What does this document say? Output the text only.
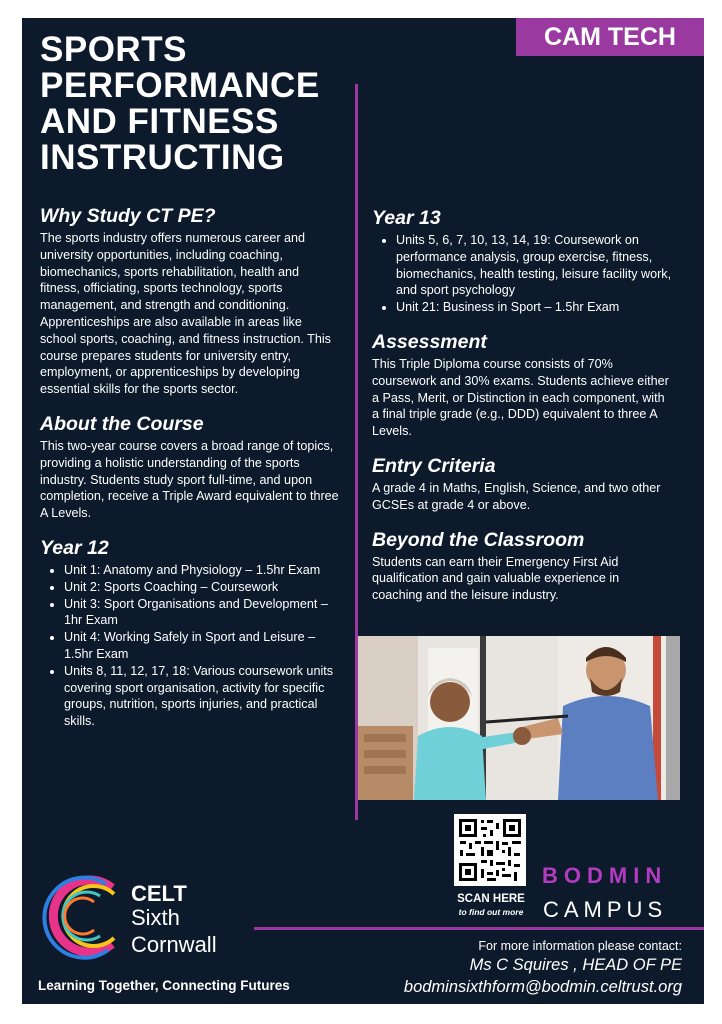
CAM TECH
SPORTS
PERFORMANCE
AND FITNESS
INSTRUCTING
Why Study CT PE?

The sports industry offers numerous career and university opportunities, including coaching, biomechanics, sports rehabilitation, health and fitness, officiating, sports technology, sports management, and strength and conditioning. Apprenticeships are also available in areas like school sports, coaching, and fitness instruction. This course prepares students for university entry, employment, or apprenticeships by developing essential skills for the sports sector.

About the Course

This two-year course covers a broad range of topics, providing a holistic understanding of the sports industry. Students study sport full-time, and upon completion, receive a Triple Award equivalent to three A Levels.

Year 12
• Unit 1: Anatomy and Physiology – 1.5hr Exam
• Unit 2: Sports Coaching – Coursework
• Unit 3: Sport Organisations and Development – 1hr Exam
• Unit 4: Working Safely in Sport and Leisure – 1.5hr Exam
• Units 8, 11, 12, 17, 18: Various coursework units covering sport organisation, activity for specific groups, nutrition, sports injuries, and practical skills.
Year 13
• Units 5, 6, 7, 10, 13, 14, 19: Coursework on performance analysis, group exercise, fitness, biomechanics, health testing, leisure facility work, and sport psychology
• Unit 21: Business in Sport – 1.5hr Exam
Assessment

This Triple Diploma course consists of 70% coursework and 30% exams. Students achieve either a Pass, Merit, or Distinction in each component, with a final triple grade (e.g., DDD) equivalent to three A Levels.

Entry Criteria

A grade 4 in Maths, English, Science, and two other GCSEs at grade 4 or above.

Beyond the Classroom

Students can earn their Emergency First Aid qualification and gain valuable experience in coaching and the leisure industry.

SCAN HERE
to find out more
BODMIN
CAMPUS
CELT
Sixth
Cornwall
Learning Together, Connecting Futures
For more information please contact:
Ms C Squires , HEAD OF PE
bodminsixthform@bodmin.celtrust.org
